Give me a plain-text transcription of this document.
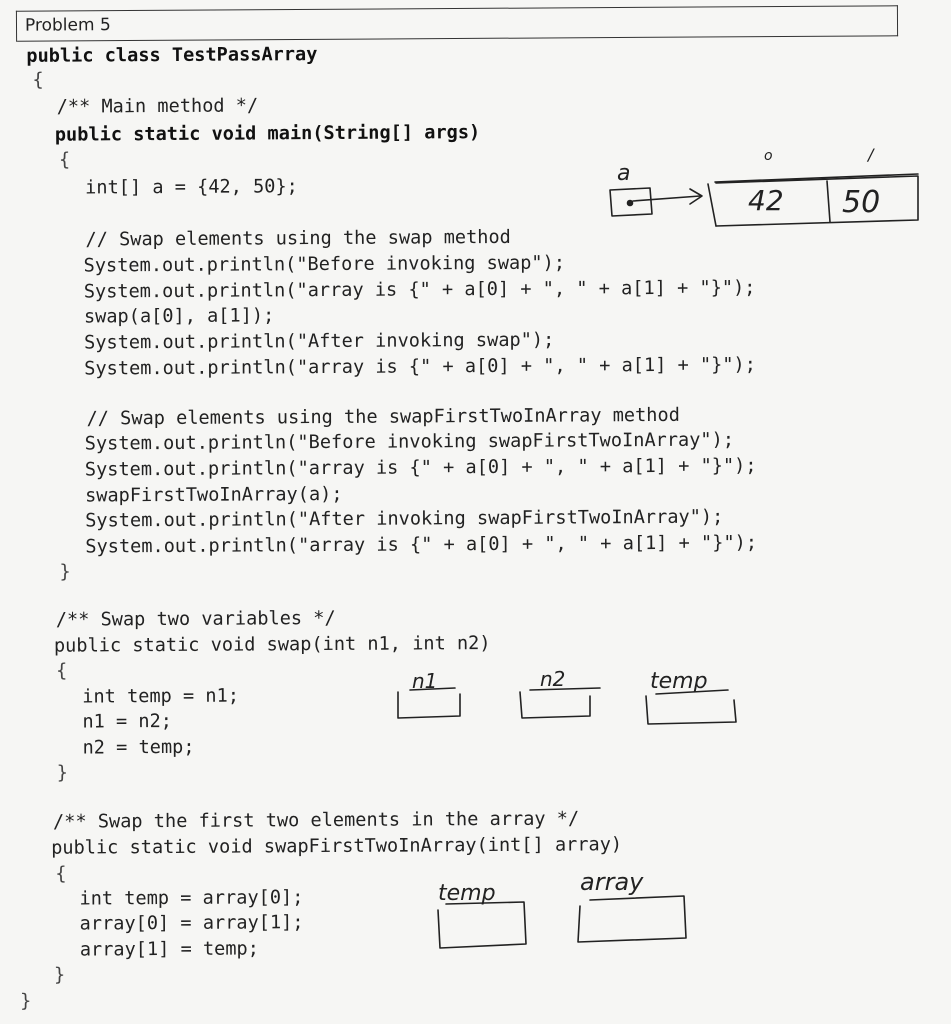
Problem 5
public class TestPassArray
{
/** Main method */
public static void main(String[] args)
{
int[] a = {42, 50};
// Swap elements using the swap method
System.out.println("Before invoking swap");
System.out.println("array is {" + a[0] + ", " + a[1] + "}");
swap(a[0], a[1]);
System.out.println("After invoking swap");
System.out.println("array is {" + a[0] + ", " + a[1] + "}");
// Swap elements using the swapFirstTwoInArray method
System.out.println("Before invoking swapFirstTwoInArray");
System.out.println("array is {" + a[0] + ", " + a[1] + "}");
swapFirstTwoInArray(a);
System.out.println("After invoking swapFirstTwoInArray");
System.out.println("array is {" + a[0] + ", " + a[1] + "}");
}
/** Swap two variables */
public static void swap(int n1, int n2)
{
int temp = n1;
n1 = n2;
n2 = temp;
}
/** Swap the first two elements in the array */
public static void swapFirstTwoInArray(int[] array)
{
int temp = array[0];
array[0] = array[1];
array[1] = temp;
}
}
a
o	/
42 50
n1	n2	temp
temp	array
